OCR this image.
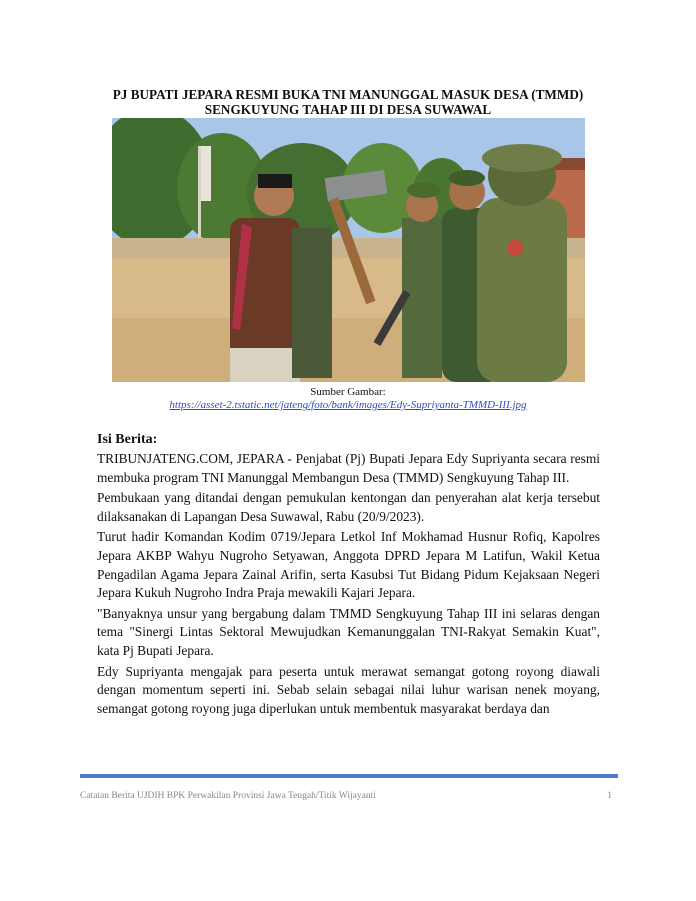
PJ BUPATI JEPARA RESMI BUKA TNI MANUNGGAL MASUK DESA (TMMD)
SENGKUYUNG TAHAP III DI DESA SUWAWAL
Sumber Gambar:
https://asset-2.tstatic.net/jateng/foto/bank/images/Edy-Supriyanta-TMMD-III.jpg
Isi Berita:

TRIBUNJATENG.COM, JEPARA - Penjabat (Pj) Bupati Jepara Edy Supriyanta secara resmi membuka program TNI Manunggal Membangun Desa (TMMD) Sengkuyung Tahap III.

Pembukaan yang ditandai dengan pemukulan kentongan dan penyerahan alat kerja tersebut dilaksanakan di Lapangan Desa Suwawal, Rabu (20/9/2023).

Turut hadir Komandan Kodim 0719/Jepara Letkol Inf Mokhamad Husnur Rofiq, Kapolres Jepara AKBP Wahyu Nugroho Setyawan, Anggota DPRD Jepara M Latifun, Wakil Ketua Pengadilan Agama Jepara Zainal Arifin, serta Kasubsi Tut Bidang Pidum Kejaksaan Negeri Jepara Kukuh Nugroho Indra Praja mewakili Kajari Jepara.

"Banyaknya unsur yang bergabung dalam TMMD Sengkuyung Tahap III ini selaras dengan tema "Sinergi Lintas Sektoral Mewujudkan Kemanunggalan TNI-Rakyat Semakin Kuat", kata Pj Bupati Jepara.

Edy Supriyanta mengajak para peserta untuk merawat semangat gotong royong diawali dengan momentum seperti ini. Sebab selain sebagai nilai luhur warisan nenek moyang, semangat gotong royong juga diperlukan untuk membentuk masyarakat berdaya dan

Catatan Berita UJDIH BPK Perwakilan Provinsi Jawa Tengah/Titik Wijayanti	1
